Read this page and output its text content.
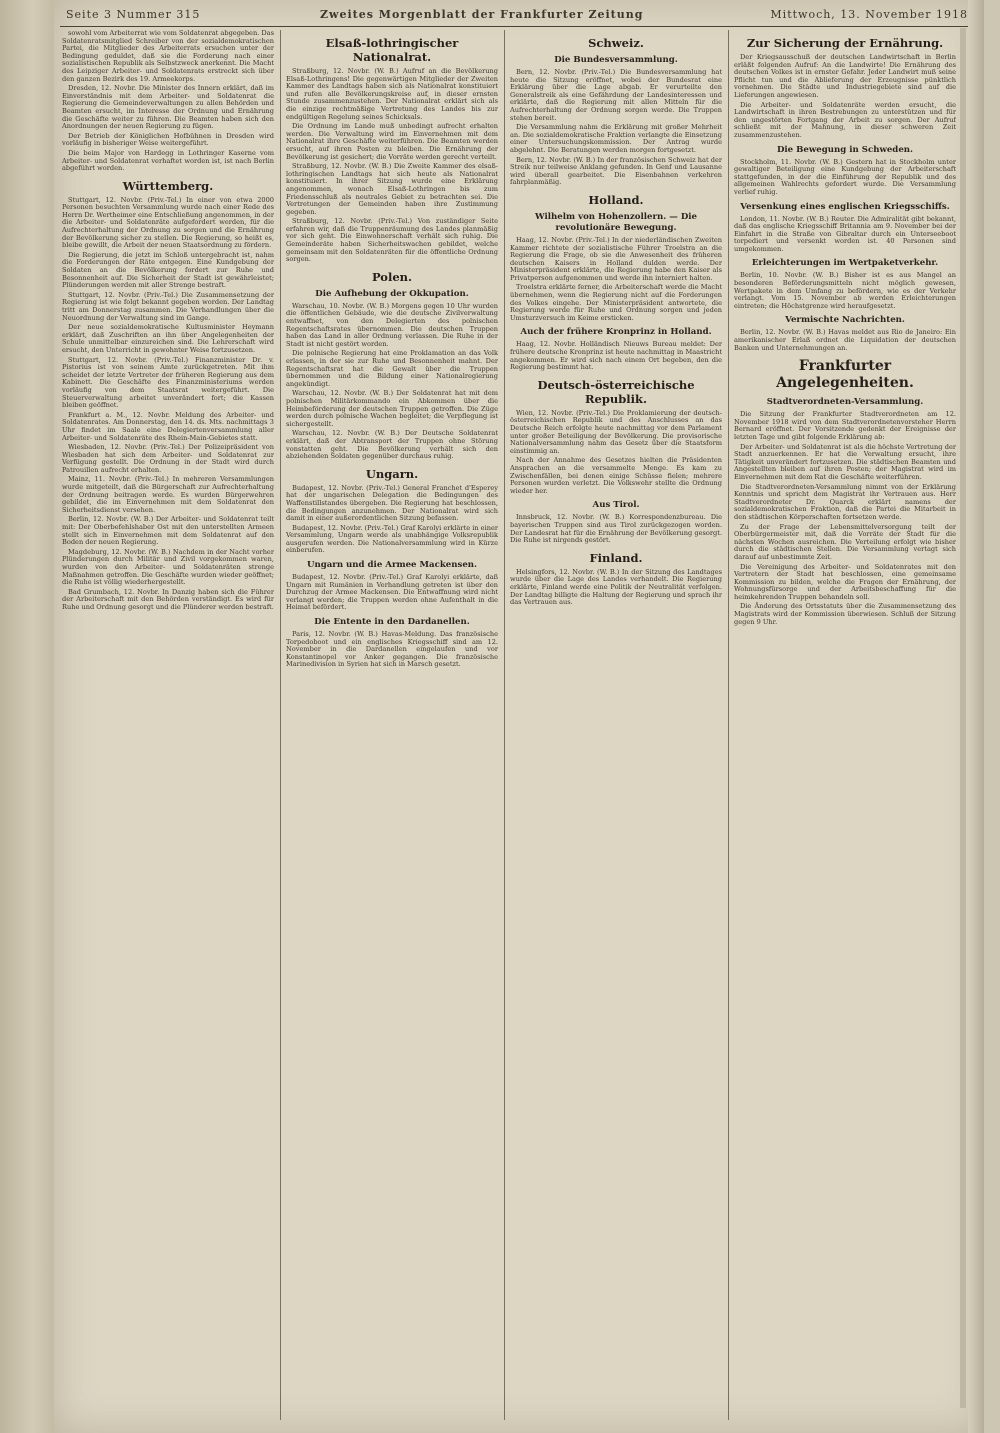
Seite 3 Nummer 315	Zweites Morgenblatt der Frankfurter Zeitung	Mittwoch, 13. November 1918
sowohl vom Arbeiterrat wie vom Soldatenrat abgegeben. Das Soldatenratsmitglied Schreiber von der sozialdemokratischen Partei, die Mitglieder des Arbeiterrats ersuchen unter der Bedingung geduldet, daß sie die Forderung nach einer sozialistischen Republik als Selbstzweck anerkennt. Die Macht des Leipziger Arbeiter- und Soldatenrats erstreckt sich über den ganzen Bezirk des 19. Armeekorps.
Dresden, 12. Novbr. Die Minister des Innern erklärt, daß im Einverständnis mit dem Arbeiter- und Soldatenrat die Regierung die Gemeindeverwaltungen zu allen Behörden und Beamten ersucht, im Interesse der Ordnung und Ernährung die Geschäfte weiter zu führen. Die Beamten haben sich den Anordnungen der neuen Regierung zu fügen.
Der Betrieb der Königlichen Hofbühnen in Dresden wird vorläufig in bisheriger Weise weitergeführt.
Die beim Major von Hardegg in Lothringer Kaserne vom Arbeiter- und Soldatenrat verhaftet worden ist, ist nach Berlin abgeführt worden.
Württemberg.
Stuttgart, 12. Novbr. (Priv.-Tel.) In einer von etwa 2000 Personen besuchten Versammlung wurde nach einer Rede des Herrn Dr. Wertheimer eine Entschließung angenommen, in der die Arbeiter- und Soldatenräte aufgefordert werden, für die Aufrechterhaltung der Ordnung zu sorgen und die Ernährung der Bevölkerung sicher zu stellen. Die Regierung, so heißt es, bleibe gewillt, die Arbeit der neuen Staatsordnung zu fördern.
Die Regierung, die jetzt im Schloß untergebracht ist, nahm die Forderungen der Räte entgegen. Eine Kundgebung der Soldaten an die Bevölkerung fordert zur Ruhe und Besonnenheit auf. Die Sicherheit der Stadt ist gewährleistet; Plünderungen werden mit aller Strenge bestraft.
Stuttgart, 12. Novbr. (Priv.-Tel.) Die Zusammensetzung der Regierung ist wie folgt bekannt gegeben worden. Der Landtag tritt am Donnerstag zusammen. Die Verhandlungen über die Neuordnung der Verwaltung sind im Gange.
Der neue sozialdemokratische Kultusminister Heymann erklärt, daß Zuschriften an ihn über Angelegenheiten der Schule unmittelbar einzureichen sind. Die Lehrerschaft wird ersucht, den Unterricht in gewohnter Weise fortzusetzen.
Stuttgart, 12. Novbr. (Priv.-Tel.) Finanzminister Dr. v. Pistorius ist von seinem Amte zurückgetreten. Mit ihm scheidet der letzte Vertreter der früheren Regierung aus dem Kabinett. Die Geschäfte des Finanzministeriums werden vorläufig von dem Staatsrat weitergeführt. Die Steuerverwaltung arbeitet unverändert fort; die Kassen bleiben geöffnet.
Frankfurt a. M., 12. Novbr. Meldung des Arbeiter- und Soldatenrates. Am Donnerstag, den 14. ds. Mts. nachmittags 3 Uhr findet im Saale eine Delegiertenversammlung aller Arbeiter- und Soldatenräte des Rhein-Main-Gebietes statt.
Wiesbaden, 12. Novbr. (Priv.-Tel.) Der Polizeipräsident von Wiesbaden hat sich dem Arbeiter- und Soldatenrat zur Verfügung gestellt. Die Ordnung in der Stadt wird durch Patrouillen aufrecht erhalten.
Mainz, 11. Novbr. (Priv.-Tel.) In mehreren Versammlungen wurde mitgeteilt, daß die Bürgerschaft zur Aufrechterhaltung der Ordnung beitragen werde. Es wurden Bürgerwehren gebildet, die im Einvernehmen mit dem Soldatenrat den Sicherheitsdienst versehen.
Berlin, 12. Novbr. (W. B.) Der Arbeiter- und Soldatenrat teilt mit: Der Oberbefehlshaber Ost mit den unterstellten Armeen stellt sich in Einvernehmen mit dem Soldatenrat auf den Boden der neuen Regierung.
Magdeburg, 12. Novbr. (W. B.) Nachdem in der Nacht vorher Plünderungen durch Militär und Zivil vorgekommen waren, wurden von den Arbeiter- und Soldatenräten strenge Maßnahmen getroffen. Die Geschäfte wurden wieder geöffnet; die Ruhe ist völlig wiederhergestellt.
Bad Grumbach, 12. Novbr. In Danzig haben sich die Führer der Arbeiterschaft mit den Behörden verständigt. Es wird für Ruhe und Ordnung gesorgt und die Plünderer werden bestraft.
Elsaß-lothringischer Nationalrat.
Straßburg, 12. Novbr. (W. B.) Aufruf an die Bevölkerung Elsaß-Lothringens! Die gegenwärtigen Mitglieder der Zweiten Kammer des Landtags haben sich als Nationalrat konstituiert und rufen alle Bevölkerungskreise auf, in dieser ernsten Stunde zusammenzustehen. Der Nationalrat erklärt sich als die einzige rechtmäßige Vertretung des Landes bis zur endgültigen Regelung seines Schicksals.
Die Ordnung im Lande muß unbedingt aufrecht erhalten werden. Die Verwaltung wird im Einvernehmen mit dem Nationalrat ihre Geschäfte weiterführen. Die Beamten werden ersucht, auf ihren Posten zu bleiben. Die Ernährung der Bevölkerung ist gesichert; die Vorräte werden gerecht verteilt.
Straßburg, 12. Novbr. (W. B.) Die Zweite Kammer des elsaß-lothringischen Landtags hat sich heute als Nationalrat konstituiert. In ihrer Sitzung wurde eine Erklärung angenommen, wonach Elsaß-Lothringen bis zum Friedensschluß als neutrales Gebiet zu betrachten sei. Die Vertretungen der Gemeinden haben ihre Zustimmung gegeben.
Straßburg, 12. Novbr. (Priv.-Tel.) Von zuständiger Seite erfahren wir, daß die Truppenräumung des Landes planmäßig vor sich geht. Die Einwohnerschaft verhält sich ruhig. Die Gemeinderäte haben Sicherheitswachen gebildet, welche gemeinsam mit den Soldatenräten für die öffentliche Ordnung sorgen.
Polen.
Die Aufhebung der Okkupation.
Warschau, 10. Novbr. (W. B.) Morgens gegen 10 Uhr wurden die öffentlichen Gebäude, wie die deutsche Zivilverwaltung entwaffnet, von den Delegierten des polnischen Regentschaftsrates übernommen. Die deutschen Truppen haben das Land in aller Ordnung verlassen. Die Ruhe in der Stadt ist nicht gestört worden.
Die polnische Regierung hat eine Proklamation an das Volk erlassen, in der sie zur Ruhe und Besonnenheit mahnt. Der Regentschaftsrat hat die Gewalt über die Truppen übernommen und die Bildung einer Nationalregierung angekündigt.
Warschau, 12. Novbr. (W. B.) Der Soldatenrat hat mit dem polnischen Militärkommando ein Abkommen über die Heimbeförderung der deutschen Truppen getroffen. Die Züge werden durch polnische Wachen begleitet; die Verpflegung ist sichergestellt.
Warschau, 12. Novbr. (W. B.) Der Deutsche Soldatenrat erklärt, daß der Abtransport der Truppen ohne Störung vonstatten geht. Die Bevölkerung verhält sich den abziehenden Soldaten gegenüber durchaus ruhig.
Ungarn.
Budapest, 12. Novbr. (Priv.-Tel.) General Franchet d'Esperey hat der ungarischen Delegation die Bedingungen des Waffenstillstandes übergeben. Die Regierung hat beschlossen, die Bedingungen anzunehmen. Der Nationalrat wird sich damit in einer außerordentlichen Sitzung befassen.
Budapest, 12. Novbr. (Priv.-Tel.) Graf Karolyi erklärte in einer Versammlung, Ungarn werde als unabhängige Volksrepublik ausgerufen werden. Die Nationalversammlung wird in Kürze einberufen.
Ungarn und die Armee Mackensen.
Budapest, 12. Novbr. (Priv.-Tel.) Graf Karolyi erklärte, daß Ungarn mit Rumänien in Verhandlung getreten ist über den Durchzug der Armee Mackensen. Die Entwaffnung wird nicht verlangt werden; die Truppen werden ohne Aufenthalt in die Heimat befördert.
Die Entente in den Dardanellen.
Paris, 12. Novbr. (W. B.) Havas-Meldung. Das französische Torpedoboot und ein englisches Kriegsschiff sind am 12. November in die Dardanellen eingelaufen und vor Konstantinopel vor Anker gegangen. Die französische Marinedivision in Syrien hat sich in Marsch gesetzt.
Schweiz.
Die Bundesversammlung.
Bern, 12. Novbr. (Priv.-Tel.) Die Bundesversammlung hat heute die Sitzung eröffnet, wobei der Bundesrat eine Erklärung über die Lage abgab. Er verurteilte den Generalstreik als eine Gefährdung der Landesinteressen und erklärte, daß die Regierung mit allen Mitteln für die Aufrechterhaltung der Ordnung sorgen werde. Die Truppen stehen bereit.
Die Versammlung nahm die Erklärung mit großer Mehrheit an. Die sozialdemokratische Fraktion verlangte die Einsetzung einer Untersuchungskommission. Der Antrag wurde abgelehnt. Die Beratungen werden morgen fortgesetzt.
Bern, 12. Novbr. (W. B.) In der französischen Schweiz hat der Streik nur teilweise Anklang gefunden. In Genf und Lausanne wird überall gearbeitet. Die Eisenbahnen verkehren fahrplanmäßig.
Holland.
Wilhelm von Hohenzollern. — Die revolutionäre Bewegung.
Haag, 12. Novbr. (Priv.-Tel.) In der niederländischen Zweiten Kammer richtete der sozialistische Führer Troelstra an die Regierung die Frage, ob sie die Anwesenheit des früheren deutschen Kaisers in Holland dulden werde. Der Ministerpräsident erklärte, die Regierung habe den Kaiser als Privatperson aufgenommen und werde ihn interniert halten.
Troelstra erklärte ferner, die Arbeiterschaft werde die Macht übernehmen, wenn die Regierung nicht auf die Forderungen des Volkes eingehe. Der Ministerpräsident antwortete, die Regierung werde für Ruhe und Ordnung sorgen und jeden Umsturzversuch im Keime ersticken.
Auch der frühere Kronprinz in Holland.
Haag, 12. Novbr. Holländisch Nieuws Bureau meldet: Der frühere deutsche Kronprinz ist heute nachmittag in Maastricht angekommen. Er wird sich nach einem Ort begeben, den die Regierung bestimmt hat.
Deutsch-österreichische Republik.
Wien, 12. Novbr. (Priv.-Tel.) Die Proklamierung der deutsch-österreichischen Republik und des Anschlusses an das Deutsche Reich erfolgte heute nachmittag vor dem Parlament unter großer Beteiligung der Bevölkerung. Die provisorische Nationalversammlung nahm das Gesetz über die Staatsform einstimmig an.
Nach der Annahme des Gesetzes hielten die Präsidenten Ansprachen an die versammelte Menge. Es kam zu Zwischenfällen, bei denen einige Schüsse fielen; mehrere Personen wurden verletzt. Die Volkswehr stellte die Ordnung wieder her.
Aus Tirol.
Innsbruck, 12. Novbr. (W. B.) Korrespondenzbureau. Die bayerischen Truppen sind aus Tirol zurückgezogen worden. Der Landesrat hat für die Ernährung der Bevölkerung gesorgt. Die Ruhe ist nirgends gestört.
Finland.
Helsingfors, 12. Novbr. (W. B.) In der Sitzung des Landtages wurde über die Lage des Landes verhandelt. Die Regierung erklärte, Finland werde eine Politik der Neutralität verfolgen. Der Landtag billigte die Haltung der Regierung und sprach ihr das Vertrauen aus.
Zur Sicherung der Ernährung.
Der Kriegsausschuß der deutschen Landwirtschaft in Berlin erläßt folgenden Aufruf: An die Landwirte! Die Ernährung des deutschen Volkes ist in ernster Gefahr. Jeder Landwirt muß seine Pflicht tun und die Ablieferung der Erzeugnisse pünktlich vornehmen. Die Städte und Industriegebiete sind auf die Lieferungen angewiesen.
Die Arbeiter- und Soldatenräte werden ersucht, die Landwirtschaft in ihren Bestrebungen zu unterstützen und für den ungestörten Fortgang der Arbeit zu sorgen. Der Aufruf schließt mit der Mahnung, in dieser schweren Zeit zusammenzustehen.
Die Bewegung in Schweden.
Stockholm, 11. Novbr. (W. B.) Gestern hat in Stockholm unter gewaltiger Beteiligung eine Kundgebung der Arbeiterschaft stattgefunden, in der die Einführung der Republik und des allgemeinen Wahlrechts gefordert wurde. Die Versammlung verlief ruhig.
Versenkung eines englischen Kriegsschiffs.
London, 11. Novbr. (W. B.) Reuter. Die Admiralität gibt bekannt, daß das englische Kriegsschiff Britannia am 9. November bei der Einfahrt in die Straße von Gibraltar durch ein Unterseeboot torpediert und versenkt worden ist. 40 Personen sind umgekommen.
Erleichterungen im Wertpaketverkehr.
Berlin, 10. Novbr. (W. B.) Bisher ist es aus Mangel an besonderen Beförderungsmitteln nicht möglich gewesen, Wertpakete in dem Umfang zu befördern, wie es der Verkehr verlangt. Vom 15. November ab werden Erleichterungen eintreten; die Höchstgrenze wird heraufgesetzt.
Vermischte Nachrichten.
Berlin, 12. Novbr. (W. B.) Havas meldet aus Rio de Janeiro: Ein amerikanischer Erlaß ordnet die Liquidation der deutschen Banken und Unternehmungen an.
Frankfurter Angelegenheiten.
Stadtverordneten-Versammlung.
Die Sitzung der Frankfurter Stadtverordneten am 12. November 1918 wird von dem Stadtverordnetenvorsteher Herrn Bernard eröffnet. Der Vorsitzende gedenkt der Ereignisse der letzten Tage und gibt folgende Erklärung ab:
Der Arbeiter- und Soldatenrat ist als die höchste Vertretung der Stadt anzuerkennen. Er hat die Verwaltung ersucht, ihre Tätigkeit unverändert fortzusetzen. Die städtischen Beamten und Angestellten bleiben auf ihren Posten; der Magistrat wird im Einvernehmen mit dem Rat die Geschäfte weiterführen.
Die Stadtverordneten-Versammlung nimmt von der Erklärung Kenntnis und spricht dem Magistrat ihr Vertrauen aus. Herr Stadtverordneter Dr. Quarck erklärt namens der sozialdemokratischen Fraktion, daß die Partei die Mitarbeit in den städtischen Körperschaften fortsetzen werde.
Zu der Frage der Lebensmittelversorgung teilt der Oberbürgermeister mit, daß die Vorräte der Stadt für die nächsten Wochen ausreichen. Die Verteilung erfolgt wie bisher durch die städtischen Stellen. Die Versammlung vertagt sich darauf auf unbestimmte Zeit.
Die Vereinigung des Arbeiter- und Soldatenrates mit den Vertretern der Stadt hat beschlossen, eine gemeinsame Kommission zu bilden, welche die Fragen der Ernährung, der Wohnungsfürsorge und der Arbeitsbeschaffung für die heimkehrenden Truppen behandeln soll.
Die Änderung des Ortsstatuts über die Zusammensetzung des Magistrats wird der Kommission überwiesen. Schluß der Sitzung gegen 9 Uhr.
